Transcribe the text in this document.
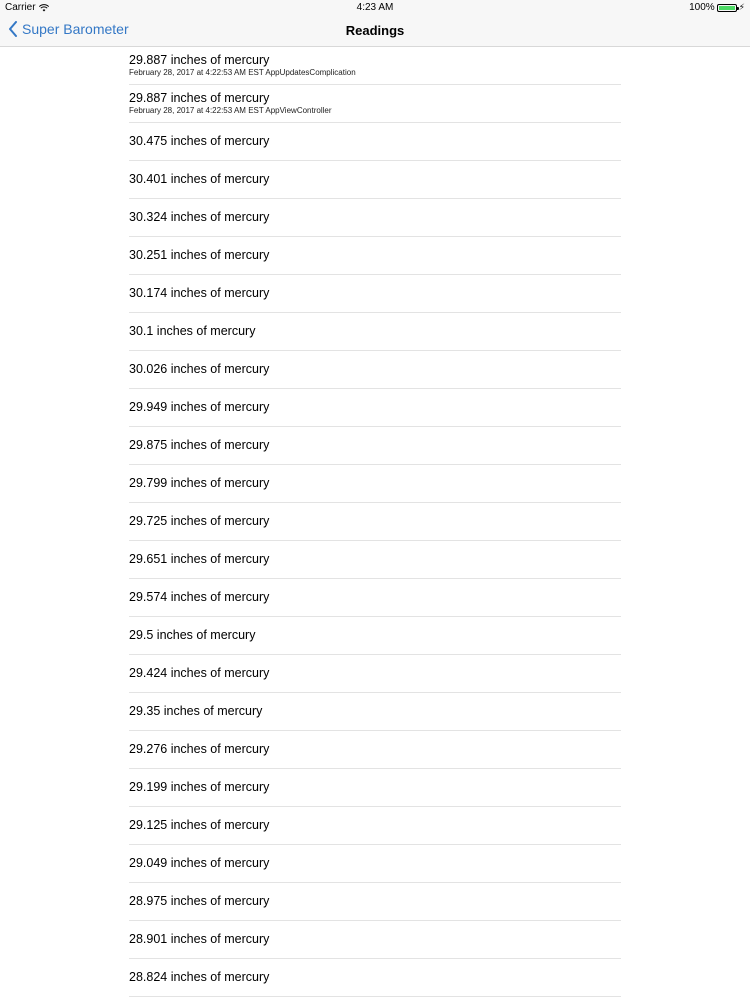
Carrier	4:23 AM	100%	⚡
Super Barometer	Readings
29.887 inches of mercury
February 28, 2017 at 4:22:53 AM EST AppUpdatesComplication
29.887 inches of mercury
February 28, 2017 at 4:22:53 AM EST AppViewController
30.475 inches of mercury
30.401 inches of mercury
30.324 inches of mercury
30.251 inches of mercury
30.174 inches of mercury
30.1 inches of mercury
30.026 inches of mercury
29.949 inches of mercury
29.875 inches of mercury
29.799 inches of mercury
29.725 inches of mercury
29.651 inches of mercury
29.574 inches of mercury
29.5 inches of mercury
29.424 inches of mercury
29.35 inches of mercury
29.276 inches of mercury
29.199 inches of mercury
29.125 inches of mercury
29.049 inches of mercury
28.975 inches of mercury
28.901 inches of mercury
28.824 inches of mercury
